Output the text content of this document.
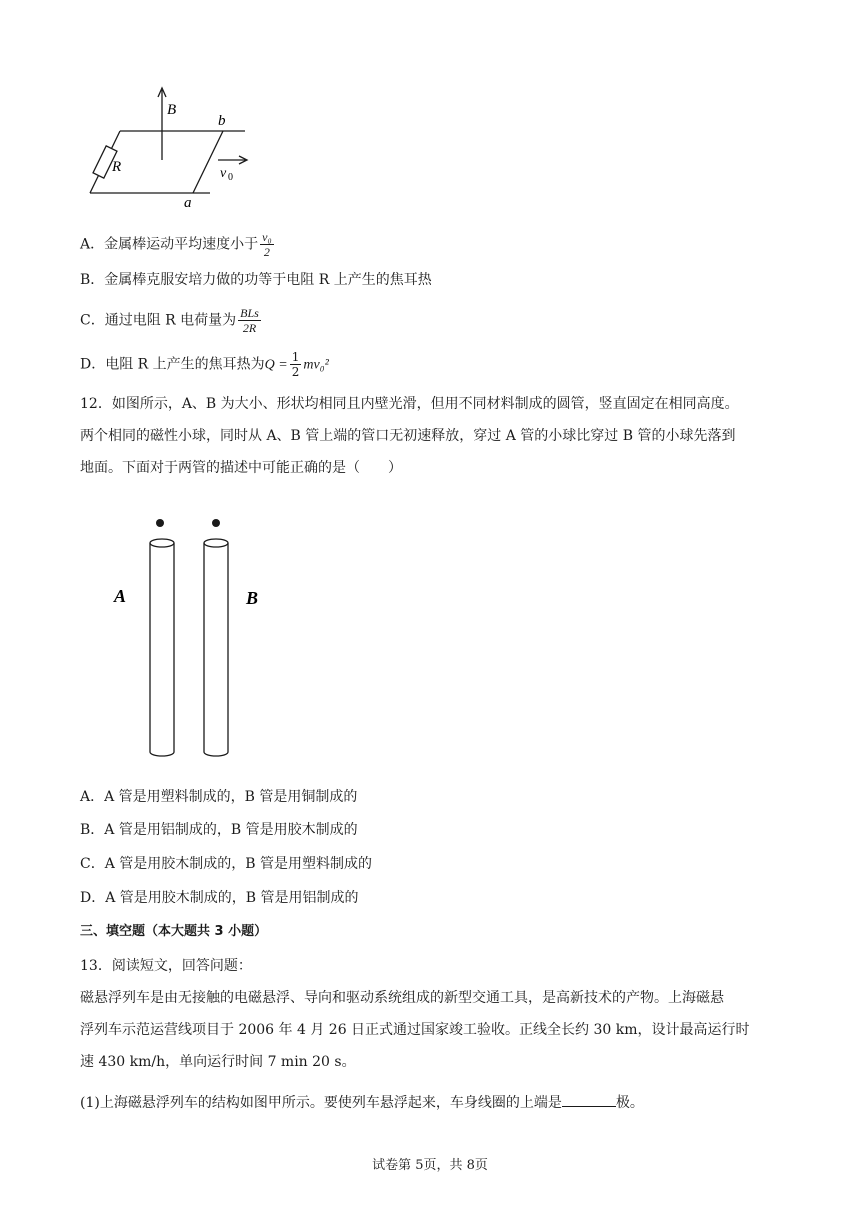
B
b
R	v 0
a
A．金属棒运动平均速度小于 $\frac{\text{v₀}}{2}$
B．金属棒克服安培力做的功等于电阻 R 上产生的焦耳热
C．通过电阻 R 电荷量为 $\frac{\text{BLs}}{2R}$
D．电阻 R 上产生的焦耳热为$Q = \frac{1}{2} mv_0^2$
12．如图所示，A、B 为大小、形状均相同且内壁光滑，但用不同材料制成的圆管，竖直固定在相同高度。
两个相同的磁性小球，同时从 A、B 管上端的管口无初速释放，穿过 A 管的小球比穿过 B 管的小球先落到
地面。下面对于两管的描述中可能正确的是（　　）
A	B
A．A 管是用塑料制成的，B 管是用铜制成的
B．A 管是用铝制成的，B 管是用胶木制成的
C．A 管是用胶木制成的，B 管是用塑料制成的
D．A 管是用胶木制成的，B 管是用铝制成的
三、填空题（本大题共 3 小题）
13．阅读短文，回答问题：
磁悬浮列车是由无接触的电磁悬浮、导向和驱动系统组成的新型交通工具，是高新技术的产物。上海磁悬
浮列车示范运营线项目于 2006 年 4 月 26 日正式通过国家竣工验收。正线全长约 30 km，设计最高运行时
速 430 km/h，单向运行时间 7 min 20 s。
(1)上海磁悬浮列车的结构如图甲所示。要使列车悬浮起来，车身线圈的上端是	极。
试卷第 5页，共 8页
